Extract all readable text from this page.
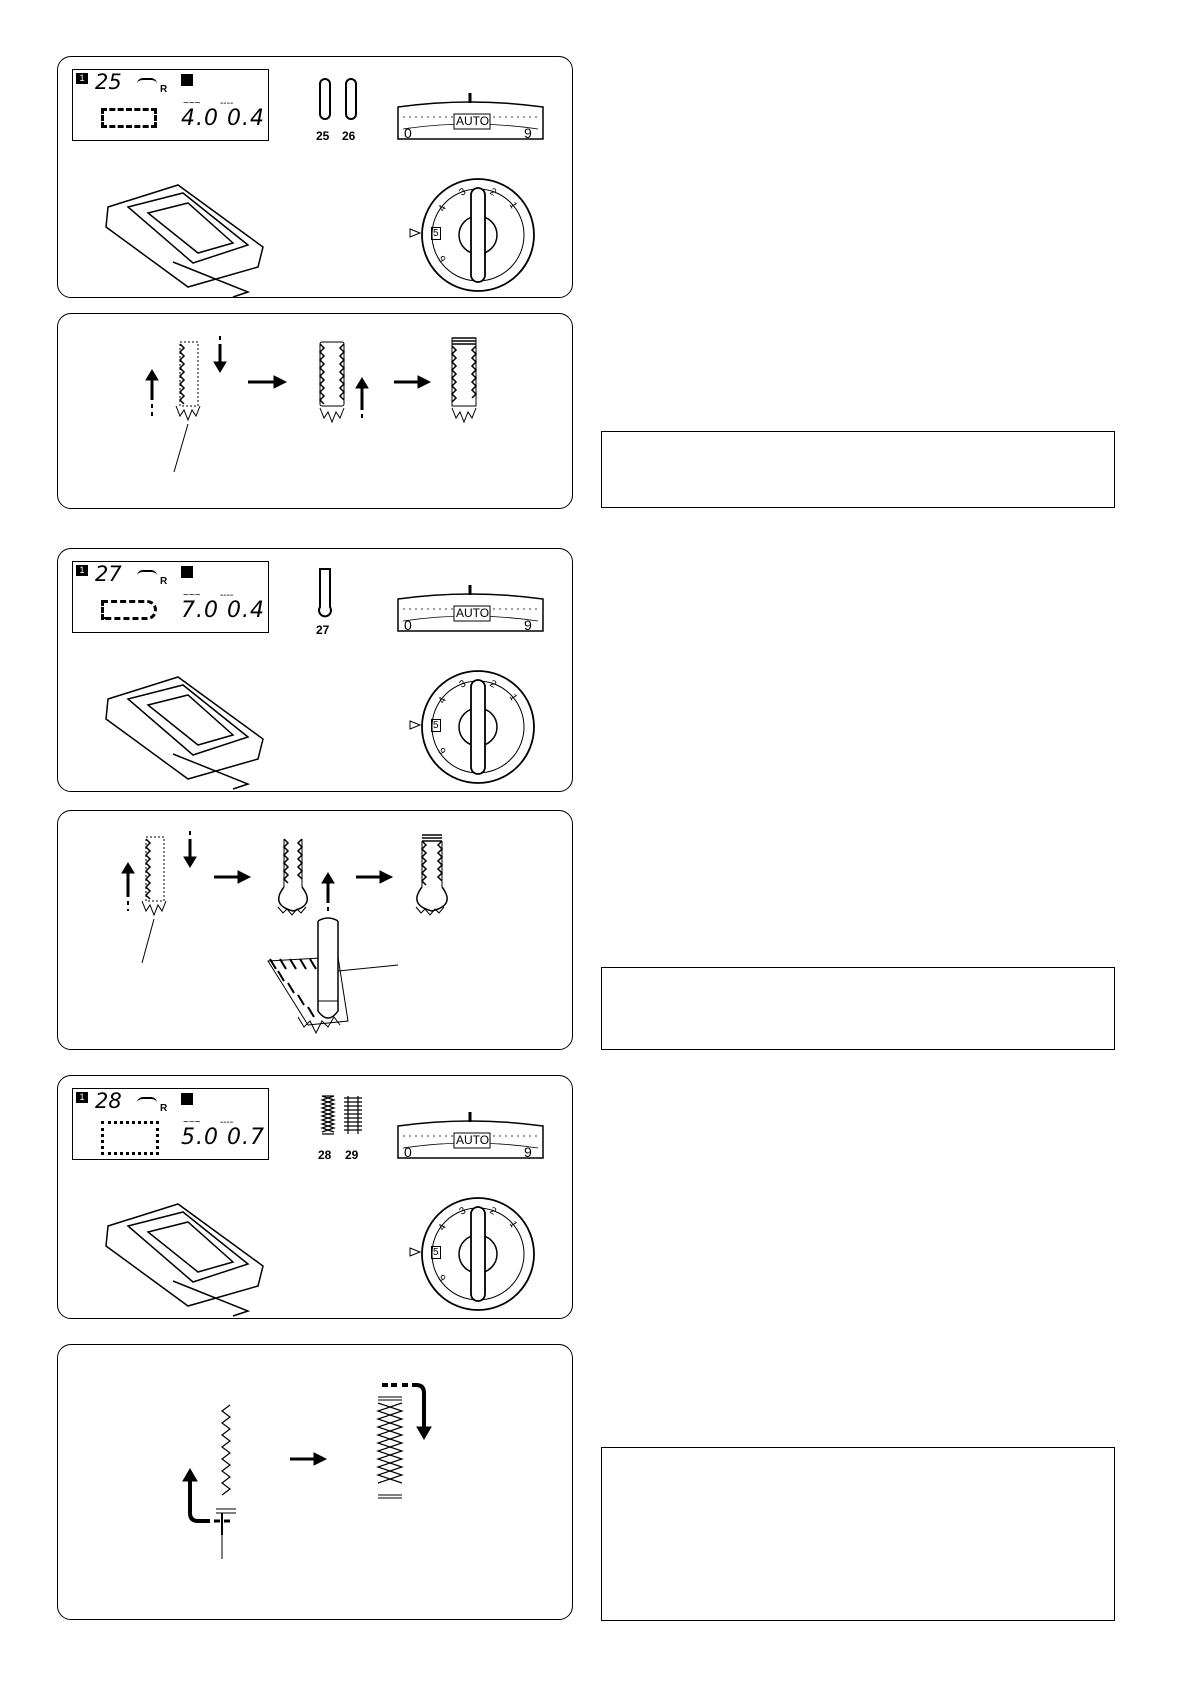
1 25	R
~~~       ----
4.0 0.4
25 26
AUTO
0	9
2
3
4
5
6
1
1 27	R
~~~       ----
7.0 0.4
27
AUTO
0	9
2
3
4
5
6
1
1 28	R
~~~       ----
5.0 0.7
28 29
AUTO
0	9
2
3
4
5
6
1
